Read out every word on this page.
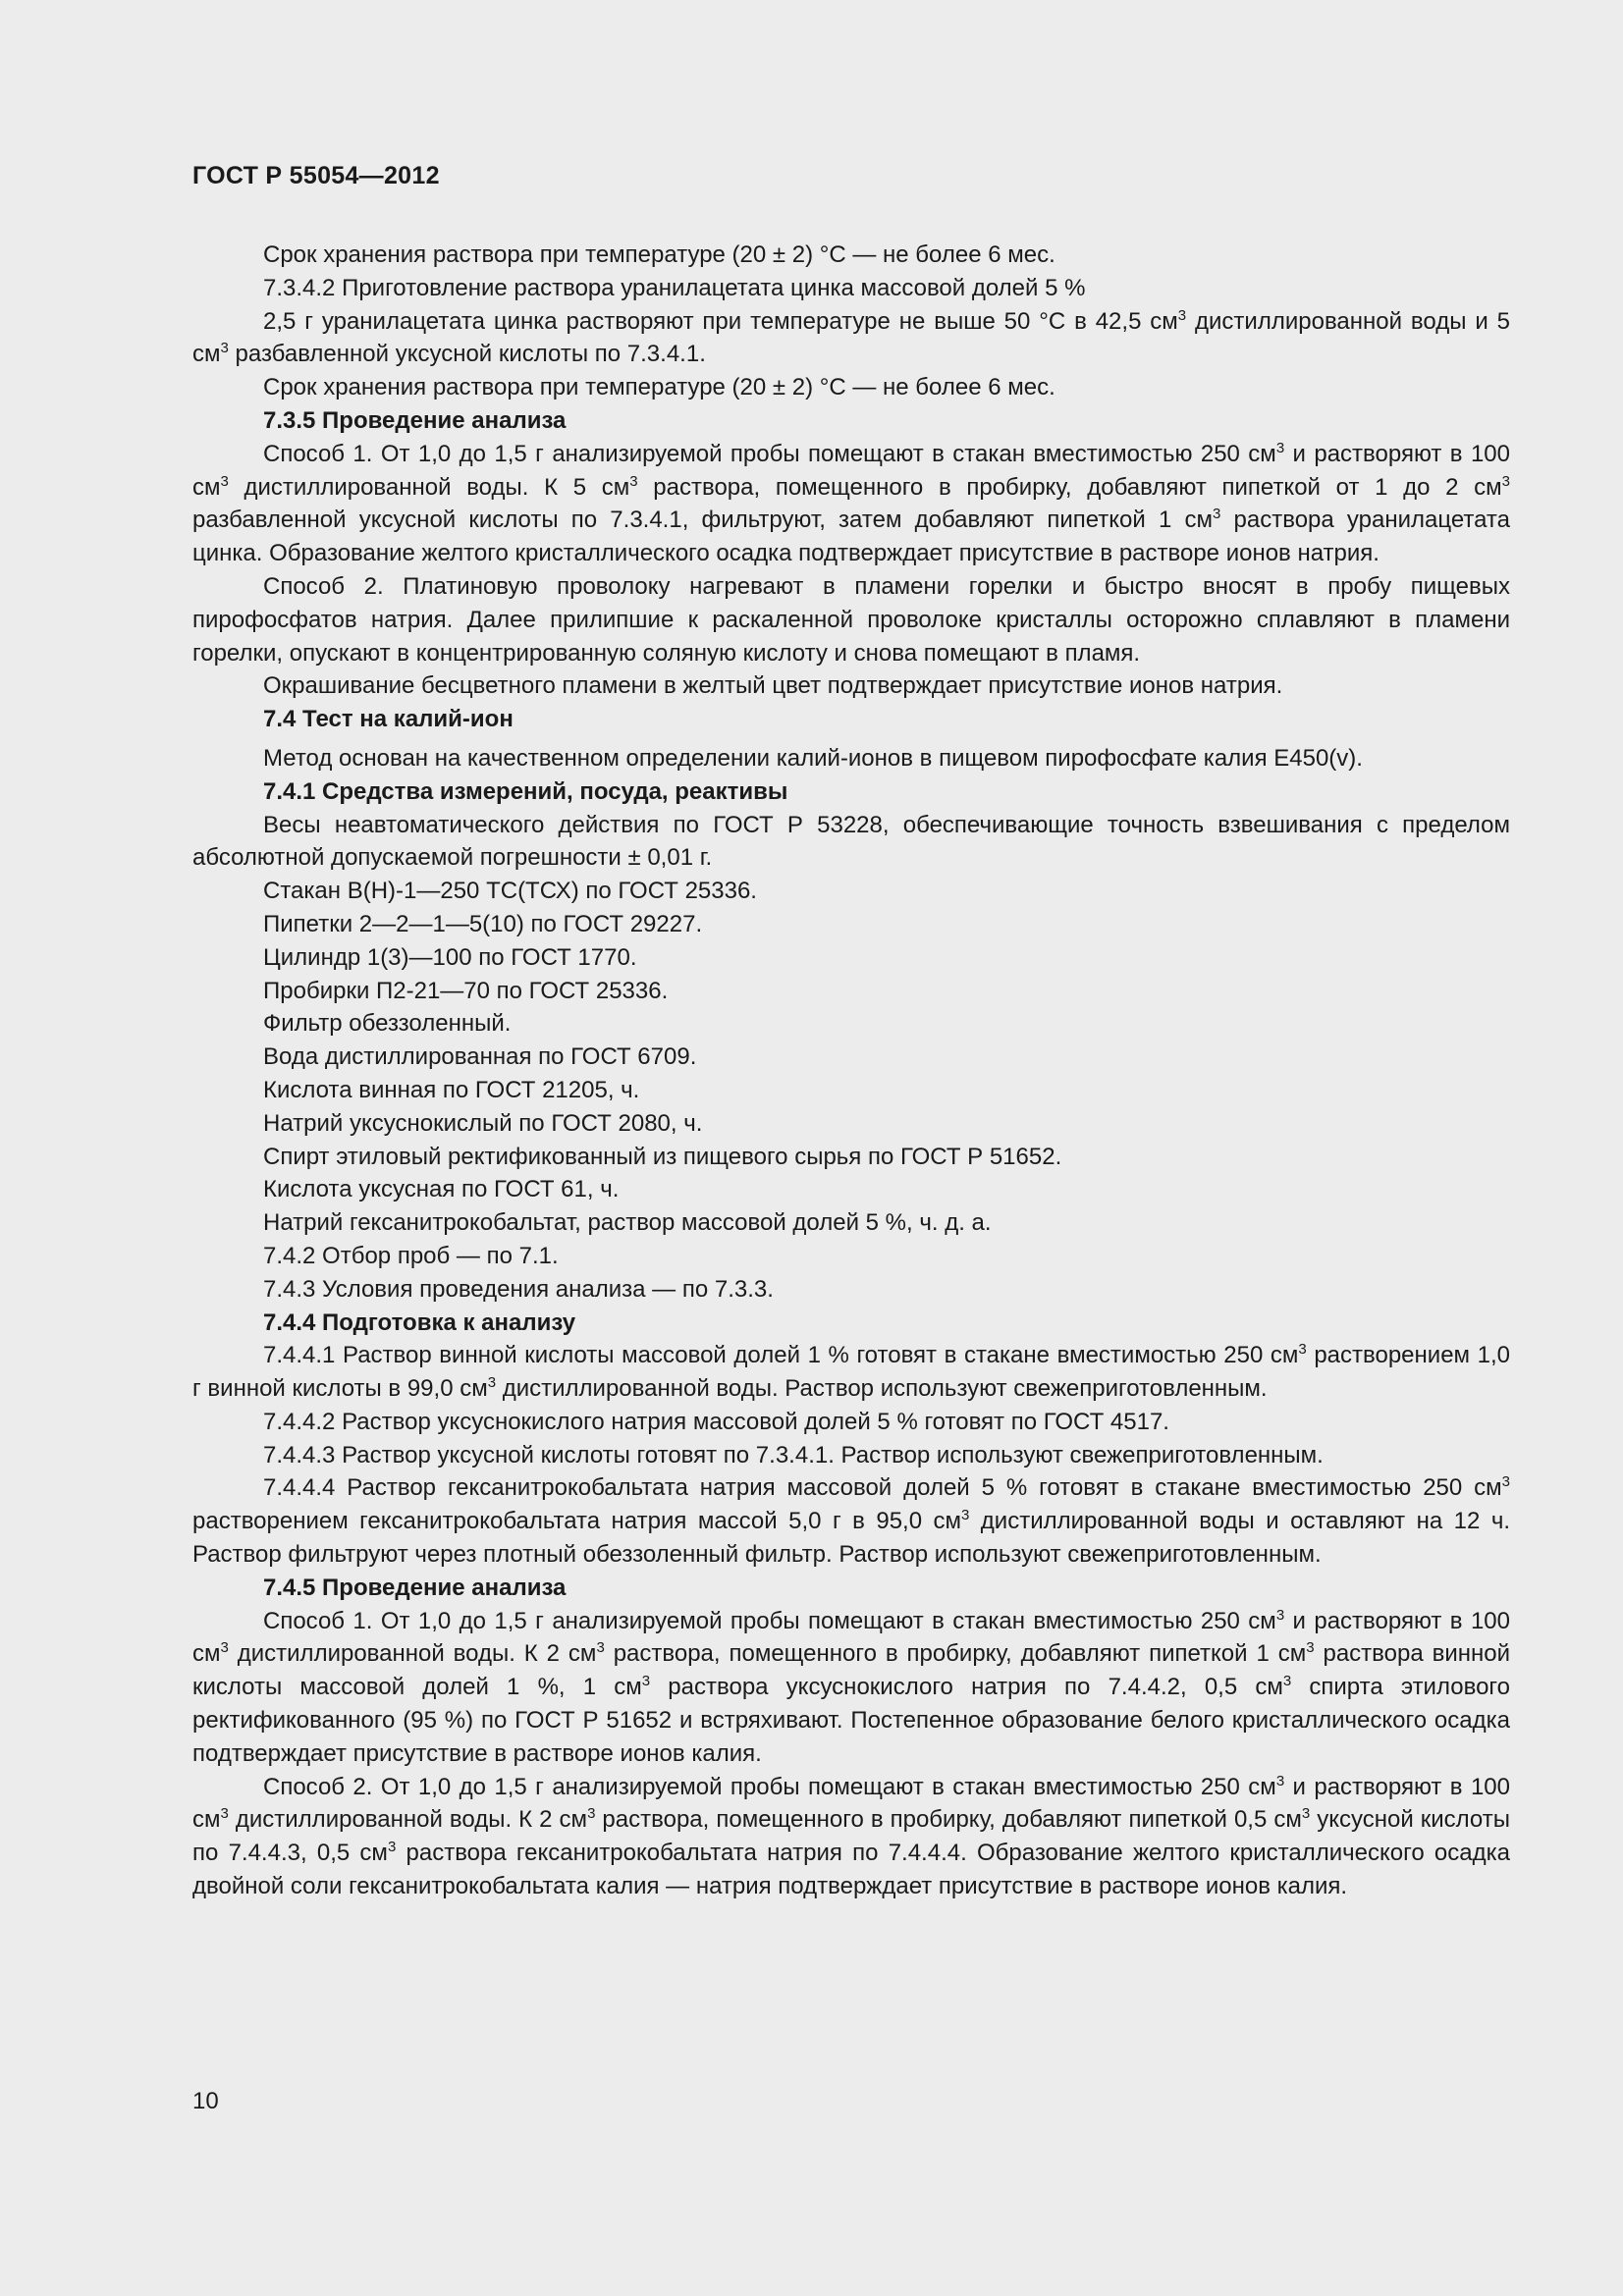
ГОСТ Р 55054—2012

Срок хранения раствора при температуре (20 ± 2) °С — не более 6 мес.

7.3.4.2 Приготовление раствора уранилацетата цинка массовой долей 5 %

2,5 г уранилацетата цинка растворяют при температуре не выше 50 °С в 42,5 $см^3$ дистиллированной воды и 5 $см^3$ разбавленной уксусной кислоты по 7.3.4.1.

Срок хранения раствора при температуре (20 ± 2) °С — не более 6 мес.

7.3.5 Проведение анализа

Способ 1. От 1,0 до 1,5 г анализируемой пробы помещают в стакан вместимостью 250 $см^3$ и растворяют в 100 $см^3$ дистиллированной воды. К 5 $см^3$ раствора, помещенного в пробирку, добавляют пипеткой от 1 до 2 $см^3$ разбавленной уксусной кислоты по 7.3.4.1, фильтруют, затем добавляют пипеткой 1 $см^3$ раствора уранилацетата цинка. Образование желтого кристаллического осадка подтверждает присутствие в растворе ионов натрия.

Способ 2. Платиновую проволоку нагревают в пламени горелки и быстро вносят в пробу пищевых пирофосфатов натрия. Далее прилипшие к раскаленной проволоке кристаллы осторожно сплавляют в пламени горелки, опускают в концентрированную соляную кислоту и снова помещают в пламя.

Окрашивание бесцветного пламени в желтый цвет подтверждает присутствие ионов натрия.

7.4 Тест на калий-ион

Метод основан на качественном определении калий-ионов в пищевом пирофосфате калия Е450(v).

7.4.1 Средства измерений, посуда, реактивы

Весы неавтоматического действия по ГОСТ Р 53228, обеспечивающие точность взвешивания с пределом абсолютной допускаемой погрешности ± 0,01 г.

Стакан В(Н)-1—250 ТС(ТСХ) по ГОСТ 25336.

Пипетки 2—2—1—5(10) по ГОСТ 29227.

Цилиндр 1(3)—100 по ГОСТ 1770.

Пробирки П2-21—70 по ГОСТ 25336.

Фильтр обеззоленный.

Вода дистиллированная по ГОСТ 6709.

Кислота винная по ГОСТ 21205, ч.

Натрий уксуснокислый по ГОСТ 2080, ч.

Спирт этиловый ректификованный из пищевого сырья по ГОСТ Р 51652.

Кислота уксусная по ГОСТ 61, ч.

Натрий гексанитрокобальтат, раствор массовой долей 5 %, ч. д. а.

7.4.2 Отбор проб — по 7.1.

7.4.3 Условия проведения анализа — по 7.3.3.

7.4.4 Подготовка к анализу

7.4.4.1 Раствор винной кислоты массовой долей 1 % готовят в стакане вместимостью 250 $см^3$ растворением 1,0 г винной кислоты в 99,0 $см^3$ дистиллированной воды. Раствор используют свежеприготовленным.

7.4.4.2 Раствор уксуснокислого натрия массовой долей 5 % готовят по ГОСТ 4517.

7.4.4.3 Раствор уксусной кислоты готовят по 7.3.4.1. Раствор используют свежеприготовленным.

7.4.4.4 Раствор гексанитрокобальтата натрия массовой долей 5 % готовят в стакане вместимостью 250 $см^3$ растворением гексанитрокобальтата натрия массой 5,0 г в 95,0 $см^3$ дистиллированной воды и оставляют на 12 ч. Раствор фильтруют через плотный обеззоленный фильтр. Раствор используют свежеприготовленным.

7.4.5 Проведение анализа

Способ 1. От 1,0 до 1,5 г анализируемой пробы помещают в стакан вместимостью 250 $см^3$ и растворяют в 100 $см^3$ дистиллированной воды. К 2 $см^3$ раствора, помещенного в пробирку, добавляют пипеткой 1 $см^3$ раствора винной кислоты массовой долей 1 %, 1 $см^3$ раствора уксуснокислого натрия по 7.4.4.2, 0,5 $см^3$ спирта этилового ректификованного (95 %) по ГОСТ Р 51652 и встряхивают. Постепенное образование белого кристаллического осадка подтверждает присутствие в растворе ионов калия.

Способ 2. От 1,0 до 1,5 г анализируемой пробы помещают в стакан вместимостью 250 $см^3$ и растворяют в 100 $см^3$ дистиллированной воды. К 2 $см^3$ раствора, помещенного в пробирку, добавляют пипеткой 0,5 $см^3$ уксусной кислоты по 7.4.4.3, 0,5 $см^3$ раствора гексанитрокобальтата натрия по 7.4.4.4. Образование желтого кристаллического осадка двойной соли гексанитрокобальтата калия — натрия подтверждает присутствие в растворе ионов калия.

10
